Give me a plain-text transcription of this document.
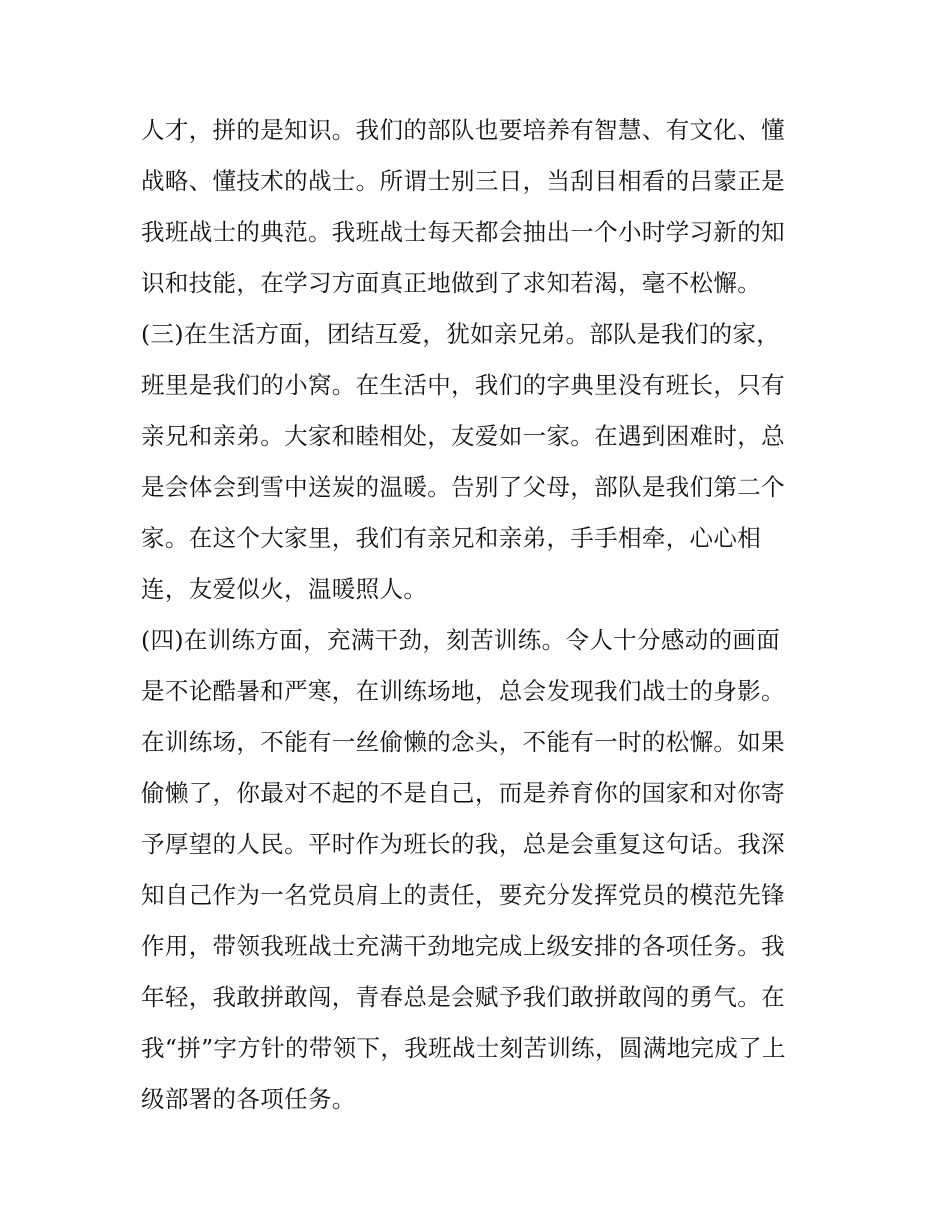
人才，拼的是知识。我们的部队也要培养有智慧、有文化、懂
战略、懂技术的战士。所谓士别三日，当刮目相看的吕蒙正是
我班战士的典范。我班战士每天都会抽出一个小时学习新的知
识和技能，在学习方面真正地做到了求知若渴，毫不松懈。
(三)在生活方面，团结互爱，犹如亲兄弟。部队是我们的家，
班里是我们的小窝。在生活中，我们的字典里没有班长，只有
亲兄和亲弟。大家和睦相处，友爱如一家。在遇到困难时，总
是会体会到雪中送炭的温暖。告别了父母，部队是我们第二个
家。在这个大家里，我们有亲兄和亲弟，手手相牵，心心相
连，友爱似火，温暖照人。
(四)在训练方面，充满干劲，刻苦训练。令人十分感动的画面
是不论酷暑和严寒，在训练场地，总会发现我们战士的身影。
在训练场，不能有一丝偷懒的念头，不能有一时的松懈。如果
偷懒了，你最对不起的不是自己，而是养育你的国家和对你寄
予厚望的人民。平时作为班长的我，总是会重复这句话。我深
知自己作为一名党员肩上的责任，要充分发挥党员的模范先锋
作用，带领我班战士充满干劲地完成上级安排的各项任务。我
年轻，我敢拼敢闯，青春总是会赋予我们敢拼敢闯的勇气。在
我“拼”字方针的带领下，我班战士刻苦训练，圆满地完成了上
级部署的各项任务。
